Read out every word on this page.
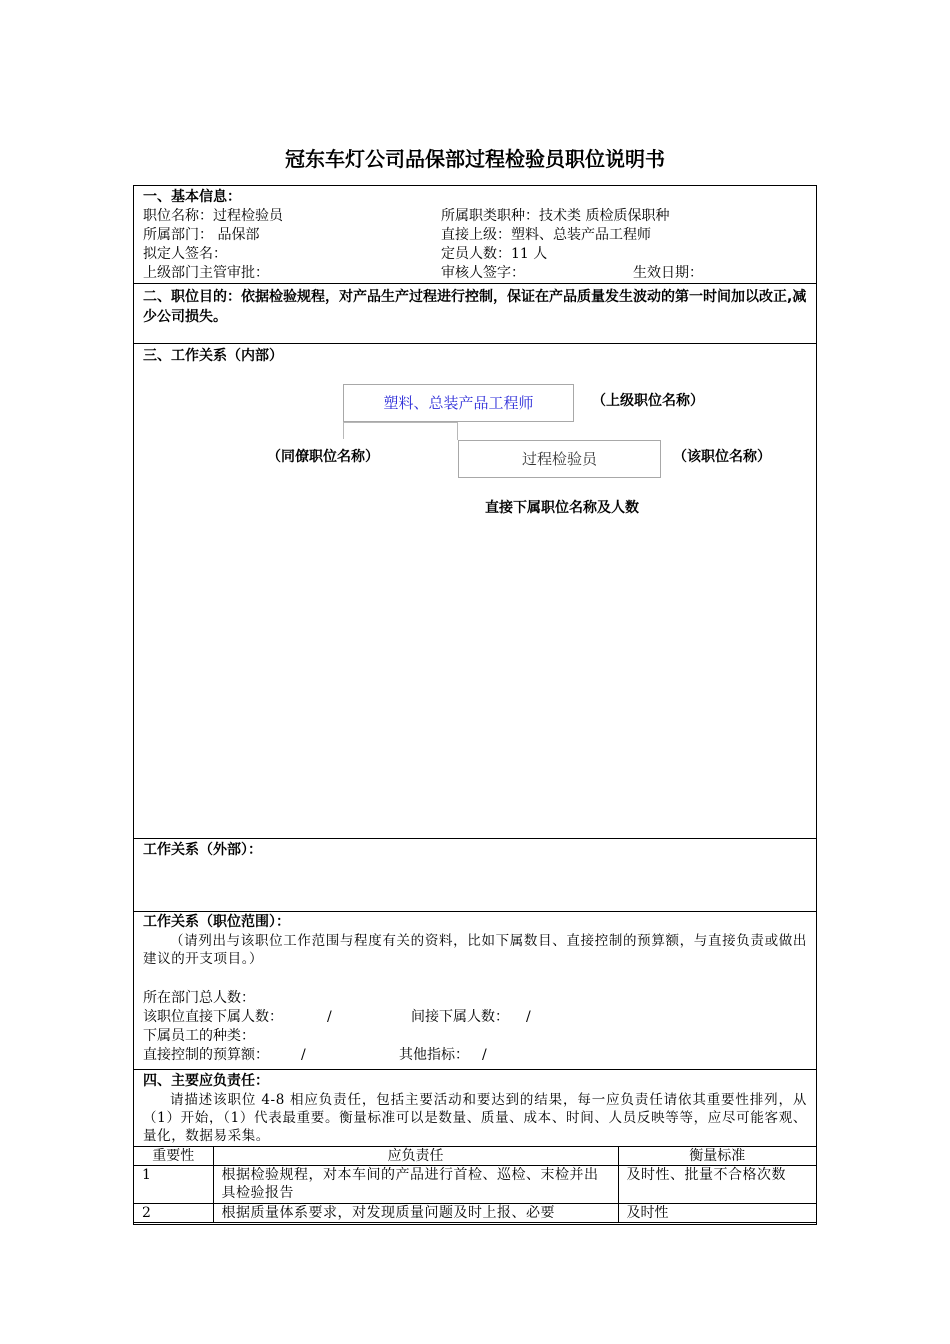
冠东车灯公司品保部过程检验员职位说明书
一、基本信息：
职位名称：过程检验员	所属职类职种：技术类 质检质保职种
所属部门： 品保部	直接上级：塑料、总装产品工程师
拟定人签名：	定员人数：11 人
上级部门主管审批：	审核人签字：	生效日期：
二、职位目的：依据检验规程，对产品生产过程进行控制，保证在产品质量发生波动的第一时间加以改正,减少公司损失。
三、工作关系（内部）
塑料、总装产品工程师	（上级职位名称）
（同僚职位名称）	过程检验员	（该职位名称）
直接下属职位名称及人数
工作关系（外部）：
工作关系（职位范围）：
（请列出与该职位工作范围与程度有关的资料，比如下属数目、直接控制的预算额，与直接负责或做出建议的开支项目。）
所在部门总人数：
该职位直接下属人数：	/	间接下属人数： /
下属员工的种类：
直接控制的预算额： /	其他指标： /
四、主要应负责任：
请描述该职位 4-8 相应负责任，包括主要活动和要达到的结果，每一应负责任请依其重要性排列，从（1）开始，（1）代表最重要。衡量标准可以是数量、质量、成本、时间、人员反映等等，应尽可能客观、量化，数据易采集。
重要性	应负责任	衡量标准
1	根据检验规程，对本车间的产品进行首检、巡检、末检并出具检验报告	及时性、批量不合格次数
2	根据质量体系要求，对发现质量问题及时上报、必要	及时性
